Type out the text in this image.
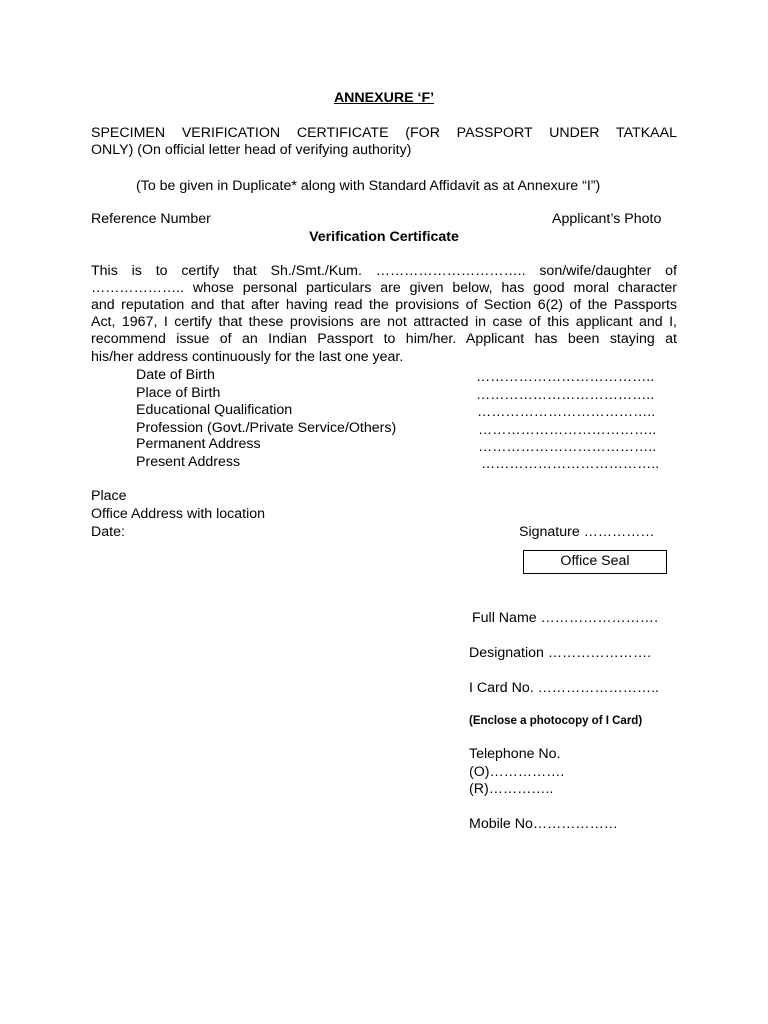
ANNEXURE ‘F’
SPECIMEN VERIFICATION CERTIFICATE (FOR PASSPORT UNDER TATKAAL
ONLY) (On official letter head of verifying authority)
(To be given in Duplicate* along with Standard Affidavit as at Annexure “I”)
Reference Number	Applicant’s Photo
Verification Certificate
This is to certify that Sh./Smt./Kum. ………………………….. son/wife/daughter of
……………….. whose personal particulars are given below, has good moral character
and reputation and that after having read the provisions of Section 6(2) of the Passports
Act, 1967, I certify that these provisions are not attracted in case of this applicant and I,
recommend issue of an Indian Passport to him/her. Applicant has been staying at
his/her address continuously for the last one year.
Date of Birth	………………………………..
Place of Birth	………………………………..
Educational Qualification	………………………………..
Profession (Govt./Private Service/Others)	………………………………..
Permanent Address	………………………………..
Present Address	………………………………..
Place
Office Address with location
Date:	Signature ……………
Office Seal
Full Name …………………….
Designation ………………….
I Card No. ……………………..
(Enclose a photocopy of I Card)
Telephone No.
(O)…………….
(R)…………..
Mobile No………………
